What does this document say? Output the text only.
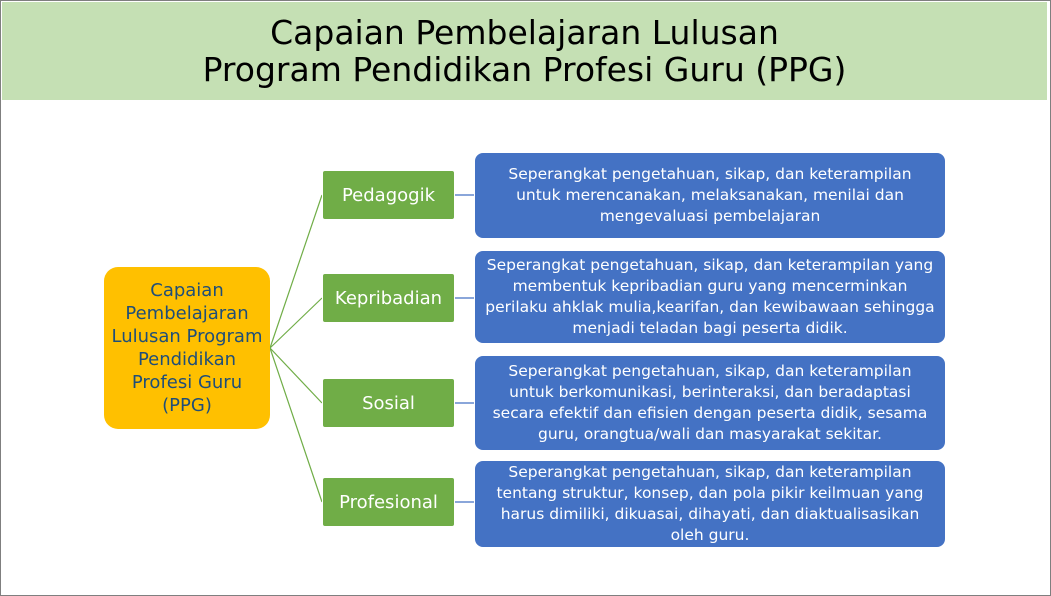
Capaian Pembelajaran Lulusan
Program Pendidikan Profesi Guru (PPG)
Capaian Pembelajaran Lulusan Program Pendidikan Profesi Guru (PPG)
Pedagogik
Seperangkat pengetahuan, sikap, dan keterampilan untuk merencanakan, melaksanakan, menilai dan mengevaluasi pembelajaran
Kepribadian
Seperangkat pengetahuan, sikap, dan keterampilan yang membentuk kepribadian guru yang mencerminkan perilaku ahklak mulia,kearifan, dan kewibawaan sehingga menjadi teladan bagi peserta didik.
Sosial
Seperangkat pengetahuan, sikap, dan keterampilan untuk berkomunikasi, berinteraksi, dan beradaptasi secara efektif dan efisien dengan peserta didik, sesama guru, orangtua/wali dan masyarakat sekitar.
Profesional
Seperangkat pengetahuan, sikap, dan keterampilan tentang struktur, konsep, dan pola pikir keilmuan yang harus dimiliki, dikuasai, dihayati, dan diaktualisasikan oleh guru.
